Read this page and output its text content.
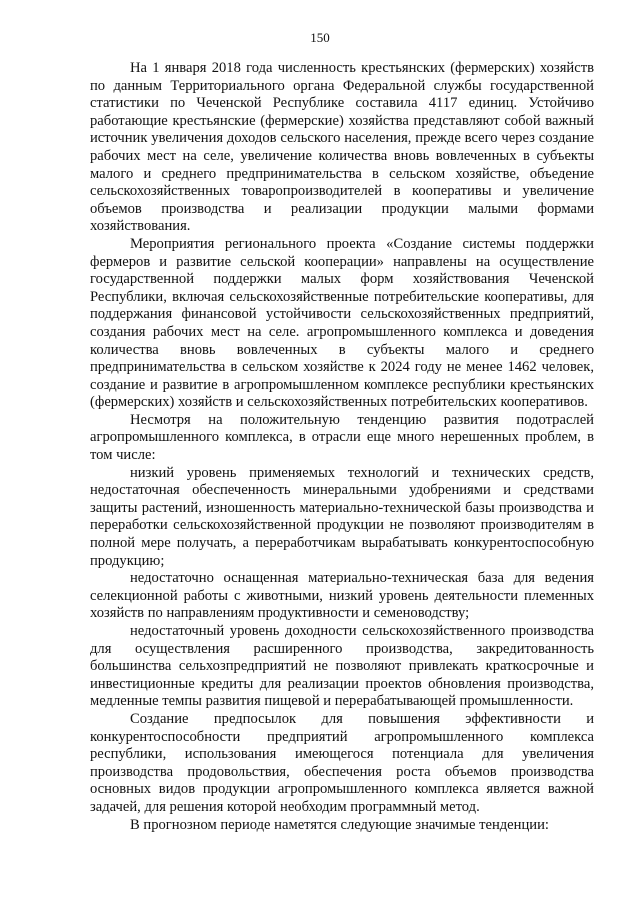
150

На 1 января 2018 года численность крестьянских (фермерских) хозяйств по данным Территориального органа Федеральной службы государственной статистики по Чеченской Республике составила 4117 единиц. Устойчиво работающие крестьянские (фермерские) хозяйства представляют собой важный источник увеличения доходов сельского населения, прежде всего через создание рабочих мест на селе, увеличение количества вновь вовлеченных в субъекты малого и среднего предпринимательства в сельском хозяйстве, объедение сельскохозяйственных товаропроизводителей в кооперативы и увеличение объемов производства и реализации продукции малыми формами хозяйствования.

Мероприятия регионального проекта «Создание системы поддержки фермеров и развитие сельской кооперации» направлены на осуществление государственной поддержки малых форм хозяйствования Чеченской Республики, включая сельскохозяйственные потребительские кооперативы, для поддержания финансовой устойчивости сельскохозяйственных предприятий, создания рабочих мест на селе. агропромышленного комплекса и доведения количества вновь вовлеченных в субъекты малого и среднего предпринимательства в сельском хозяйстве к 2024 году не менее 1462 человек, создание и развитие в агропромышленном комплексе республики крестьянских (фермерских) хозяйств и сельскохозяйственных потребительских кооперативов.

Несмотря на положительную тенденцию развития подотраслей агропромышленного комплекса, в отрасли еще много нерешенных проблем, в том числе:

низкий уровень применяемых технологий и технических средств, недостаточная обеспеченность минеральными удобрениями и средствами защиты растений, изношенность материально-технической базы производства и переработки сельскохозяйственной продукции не позволяют производителям в полной мере получать, а переработчикам вырабатывать конкурентоспособную продукцию;

недостаточно оснащенная материально-техническая база для ведения селекционной работы с животными, низкий уровень деятельности племенных хозяйств по направлениям продуктивности и семеноводству;

недостаточный уровень доходности сельскохозяйственного производства для осуществления расширенного производства, закредитованность большинства сельхозпредприятий не позволяют привлекать краткосрочные и инвестиционные кредиты для реализации проектов обновления производства, медленные темпы развития пищевой и перерабатывающей промышленности.

Создание предпосылок для повышения эффективности и конкурентоспособности предприятий агропромышленного комплекса республики, использования имеющегося потенциала для увеличения производства продовольствия, обеспечения роста объемов производства основных видов продукции агропромышленного комплекса является важной задачей, для решения которой необходим программный метод.

В прогнозном периоде наметятся следующие значимые тенденции:
